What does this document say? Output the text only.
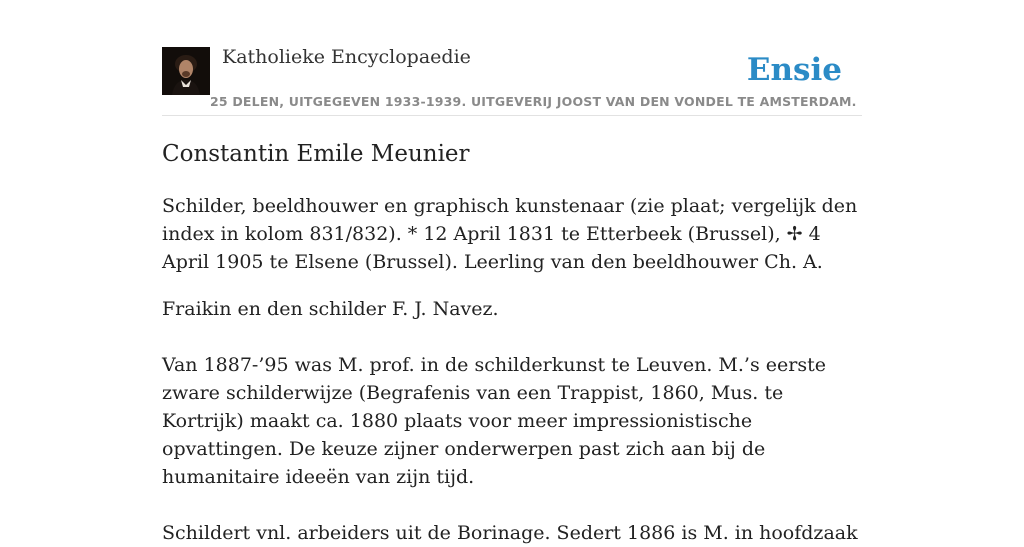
Katholieke Encyclopaedie	Ensie
25 DELEN, UITGEGEVEN 1933-1939. UITGEVERIJ JOOST VAN DEN VONDEL TE AMSTERDAM.
Constantin Emile Meunier

Schilder, beeldhouwer en graphisch kunstenaar (zie plaat; vergelijk den index in kolom 831/832). * 12 April 1831 te Etterbeek (Brussel), ✢ 4 April 1905 te Elsene (Brussel). Leerling van den beeldhouwer Ch. A.

Fraikin en den schilder F. J. Navez.

Van 1887-’95 was M. prof. in de schilderkunst te Leuven. M.’s eerste zware schilderwijze (Begrafenis van een Trappist, 1860, Mus. te Kortrijk) maakt ca. 1880 plaats voor meer impressionistische opvattingen. De keuze zijner onderwerpen past zich aan bij de humanitaire ideeën van zijn tijd.

Schildert vnl. arbeiders uit de Borinage. Sedert 1886 is M. in hoofdzaak
